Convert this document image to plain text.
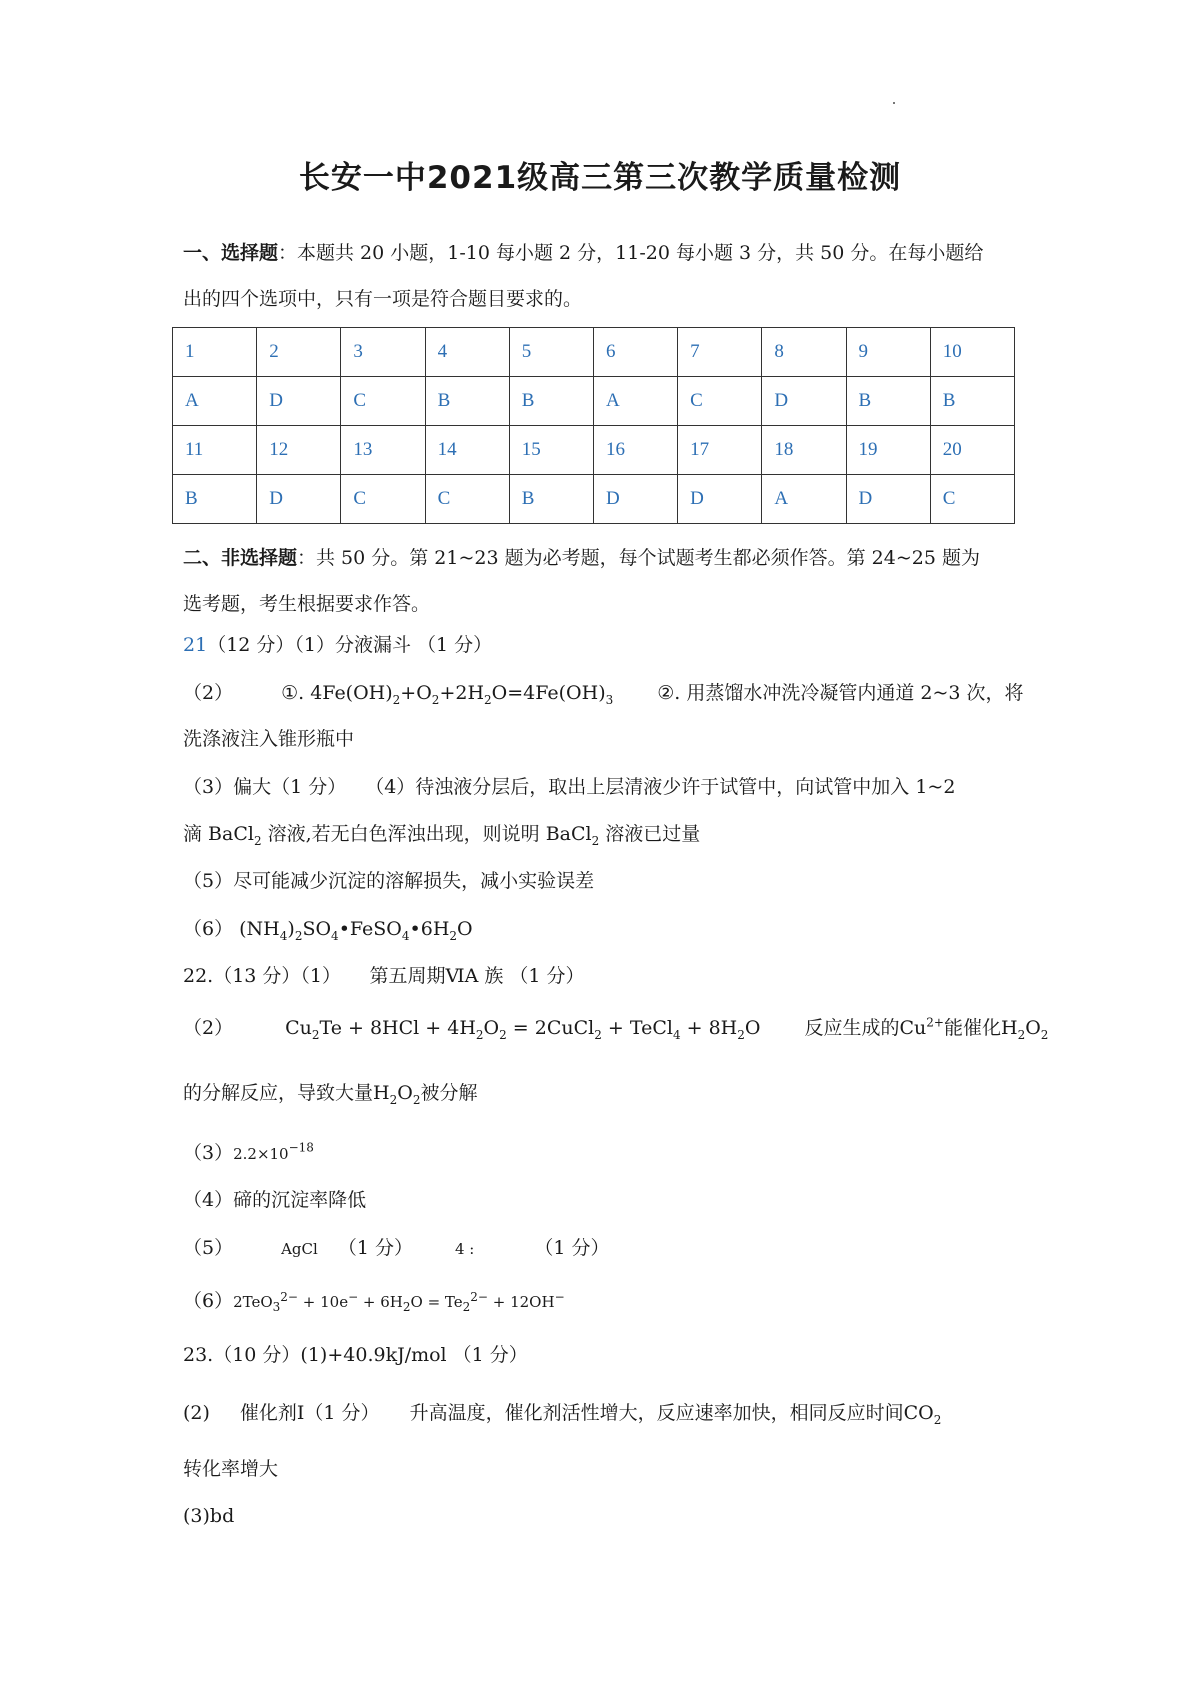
长安一中2021级高三第三次教学质量检测
一、选择题：本题共 20 小题，1-10 每小题 2 分，11-20 每小题 3 分，共 50 分。在每小题给
出的四个选项中，只有一项是符合题目要求的。
1	2	3	4	5	6	7	8	9	10
A	D	C	B	B	A	C	D	B	B
11	12	13	14	15	16	17	18	19	20
B	D	C	C	B	D	D	A	D	C
二、非选择题：共 50 分。第 21~23 题为必考题，每个试题考生都必须作答。第 24~25 题为
选考题，考生根据要求作答。
21（12 分）（1）分液漏斗 （1 分）
（2）	①. $4Fe(OH)_2+O_2+2H_2O=4Fe(OH)_3$ ②. 用蒸馏水冲洗冷凝管内通道 2~3 次，将
洗涤液注入锥形瓶中
（3）偏大（1 分）　　（4）待浊液分层后，取出上层清液少许于试管中，向试管中加入 1~2
滴 BaCl$_2$ 溶液,若无白色浑浊出现，则说明 BaCl$_2$ 溶液已过量
（5）尽可能减少沉淀的溶解损失，减小实验误差
（6） $(NH_4)_2SO_4•FeSO_4•6H_2O$
22.（13 分）（1）　　第五周期ⅥA 族 （1 分）
（2）	$Cu_2Te + 8HCl + 4H_2O_2$ = 2CuCl$_2$ + TeCl$_4$ + $8H_2O$ 反应生成的$Cu^{2+}$能催化$H_2O_2$
的分解反应，导致大量$H_2O_2$被分解
$(3)2.2\times 10^{-18}$
（4）碲的沉淀率降低
（5）	AgCl （1 分）	4 :	（1 分）
$(6)2TeO_3^{2-} + 10e^- + 6H_2O = Te_2^{2-} + 12OH^-$
23.（10 分）(1)+40.9kJ/mol （1 分）
(2) 催化剂Ⅰ（1 分） 升高温度，催化剂活性增大，反应速率加快，相同反应时间$CO_2$
转化率增大
(3)bd
